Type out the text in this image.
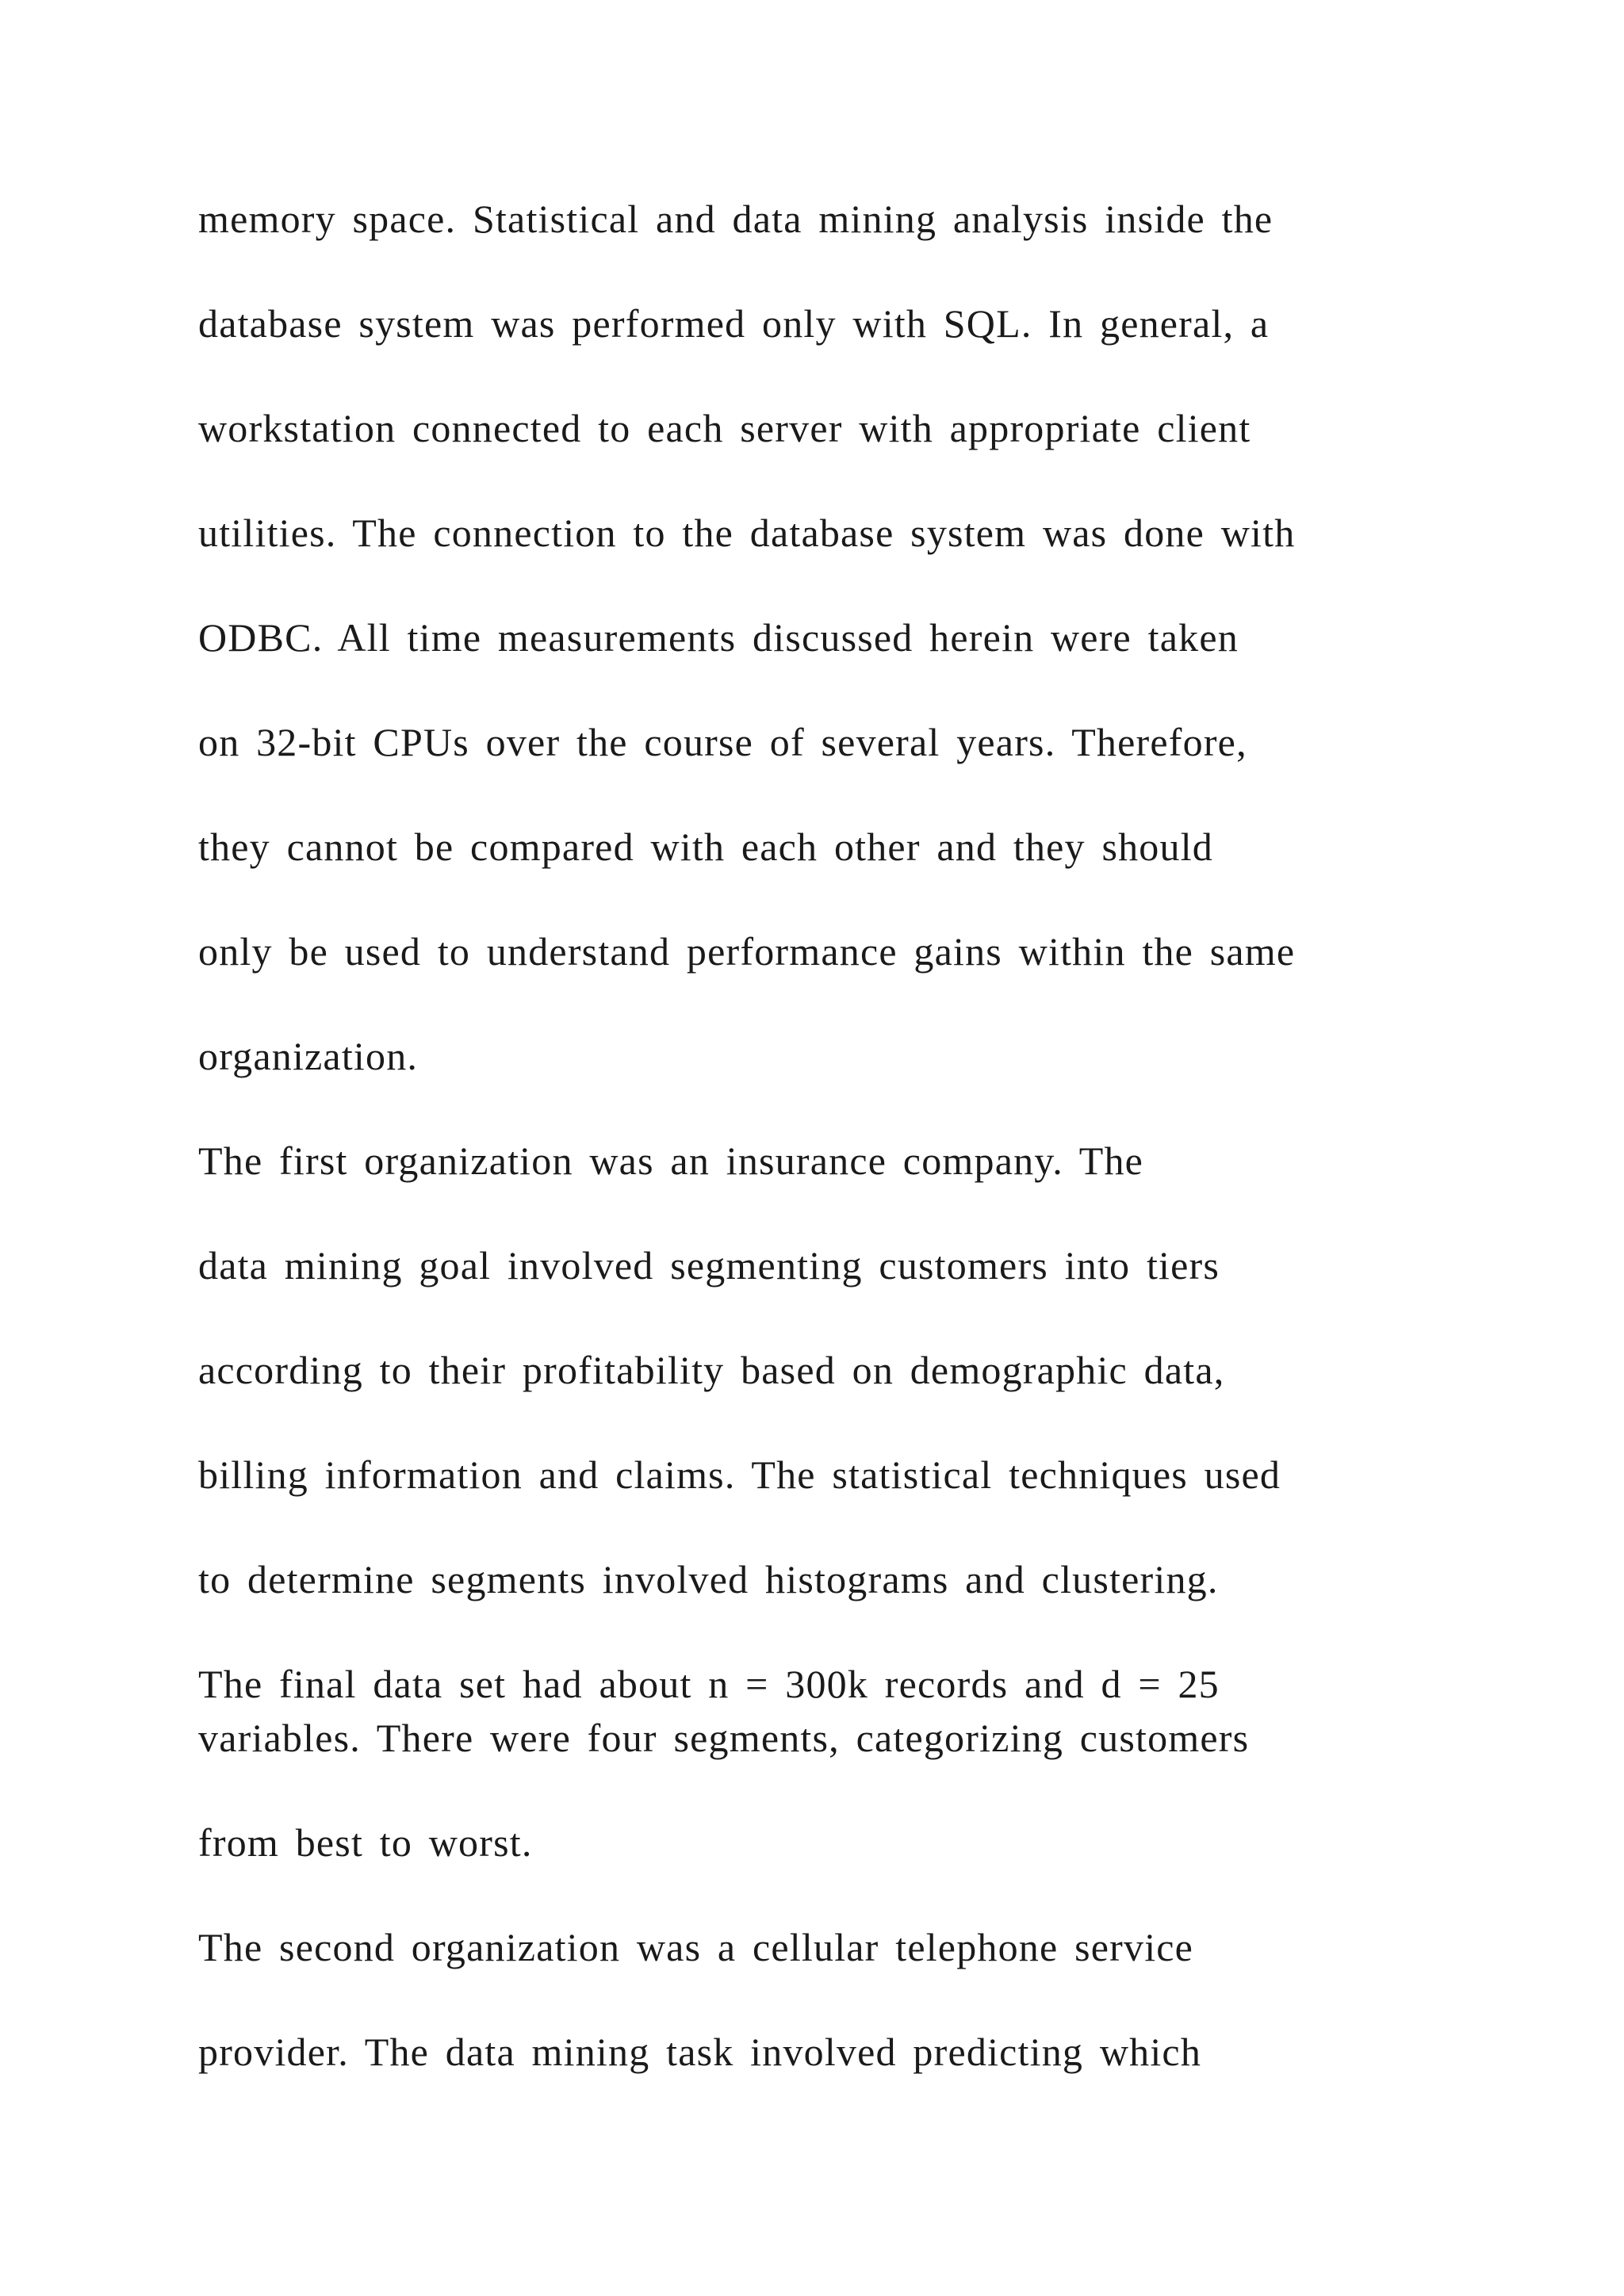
memory space. Statistical and data mining analysis inside the
database system was performed only with SQL. In general, a
workstation connected to each server with appropriate client
utilities. The connection to the database system was done with
ODBC. All time measurements discussed herein were taken
on 32-bit CPUs over the course of several years. Therefore,
they cannot be compared with each other and they should
only be used to understand performance gains within the same
organization.
The first organization was an insurance company. The
data mining goal involved segmenting customers into tiers
according to their profitability based on demographic data,
billing information and claims. The statistical techniques used
to determine segments involved histograms and clustering.
The final data set had about n = 300k records and d = 25
variables. There were four segments, categorizing customers
from best to worst.
The second organization was a cellular telephone service
provider. The data mining task involved predicting which
